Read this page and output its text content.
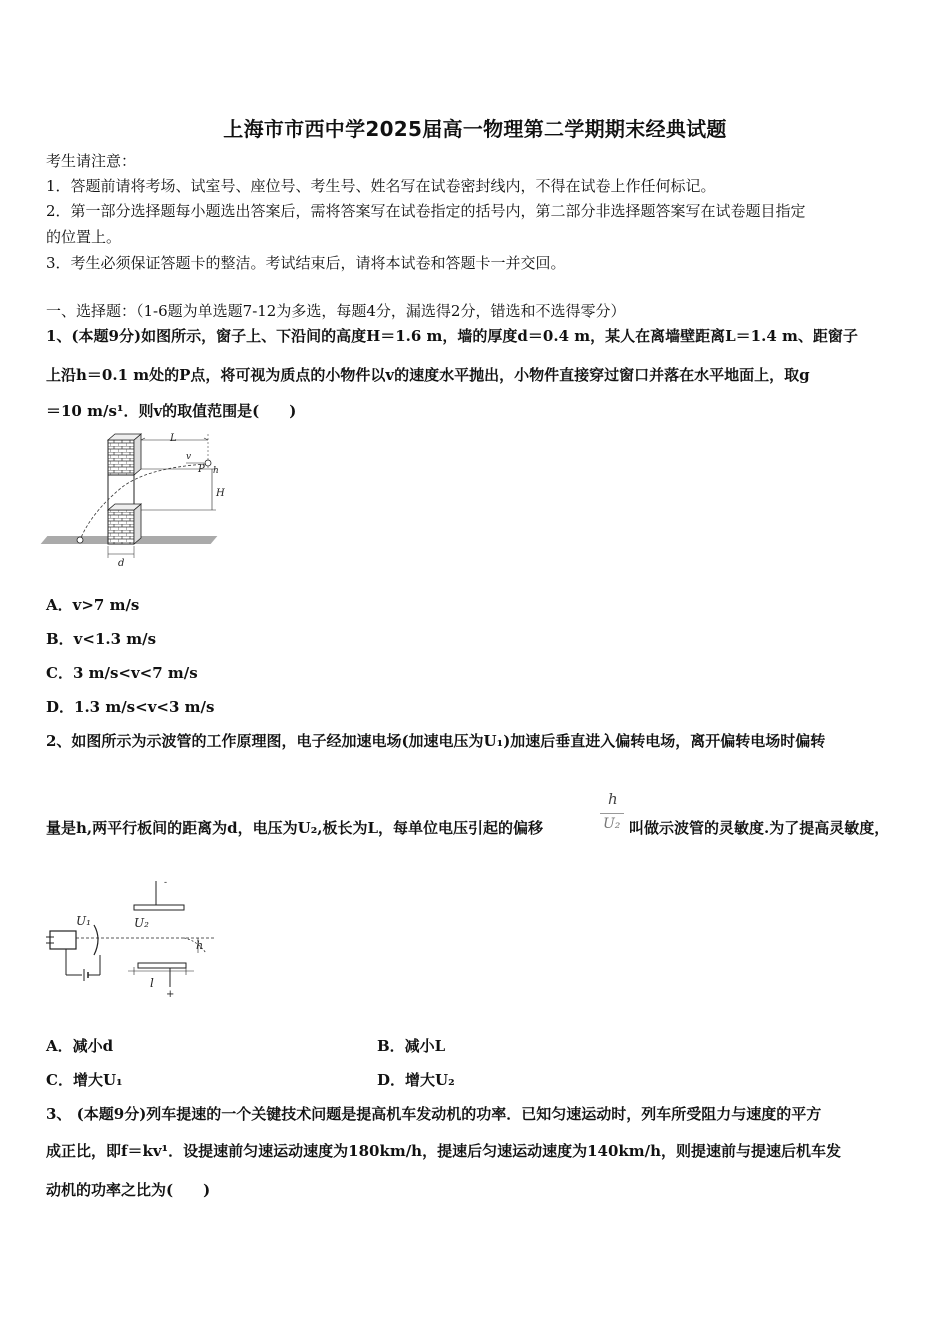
上海市市西中学2025届高一物理第二学期期末经典试题
考生请注意：
1．答题前请将考场、试室号、座位号、考生号、姓名写在试卷密封线内，不得在试卷上作任何标记。
2．第一部分选择题每小题选出答案后，需将答案写在试卷指定的括号内，第二部分非选择题答案写在试卷题目指定
的位置上。
3．考生必须保证答题卡的整洁。考试结束后，请将本试卷和答题卡一并交回。
一、选择题：（1-6题为单选题7-12为多选，每题4分，漏选得2分，错选和不选得零分）
1、(本题9分)如图所示，窗子上、下沿间的高度H＝1.6 m，墙的厚度d＝0.4 m，某人在离墙壁距离L＝1.4 m、距窗子
上沿h＝0.1 m处的P点，将可视为质点的小物件以v的速度水平抛出，小物件直接穿过窗口并落在水平地面上，取g
＝10 m/s¹．则v的取值范围是(　　)
L
v
P h
H
d
A．v>7 m/s
B．v<1.3 m/s
C．3 m/s<v<7 m/s
D．1.3 m/s<v<3 m/s
2、如图所示为示波管的工作原理图，电子经加速电场(加速电压为U₁)加速后垂直进入偏转电场，离开偏转电场时偏转
量是h,两平行板间的距离为d，电压为U₂,板长为L，每单位电压引起的偏移
h
U₂ 叫做示波管的灵敏度.为了提高灵敏度，
U₁
-
U₂
h
+
l
A．减小d	B．减小L
C．增大U₁	D．增大U₂
3、 (本题9分)列车提速的一个关键技术问题是提高机车发动机的功率．已知匀速运动时，列车所受阻力与速度的平方
成正比，即f＝kv¹．设提速前匀速运动速度为180km/h，提速后匀速运动速度为140km/h，则提速前与提速后机车发
动机的功率之比为(　　)
